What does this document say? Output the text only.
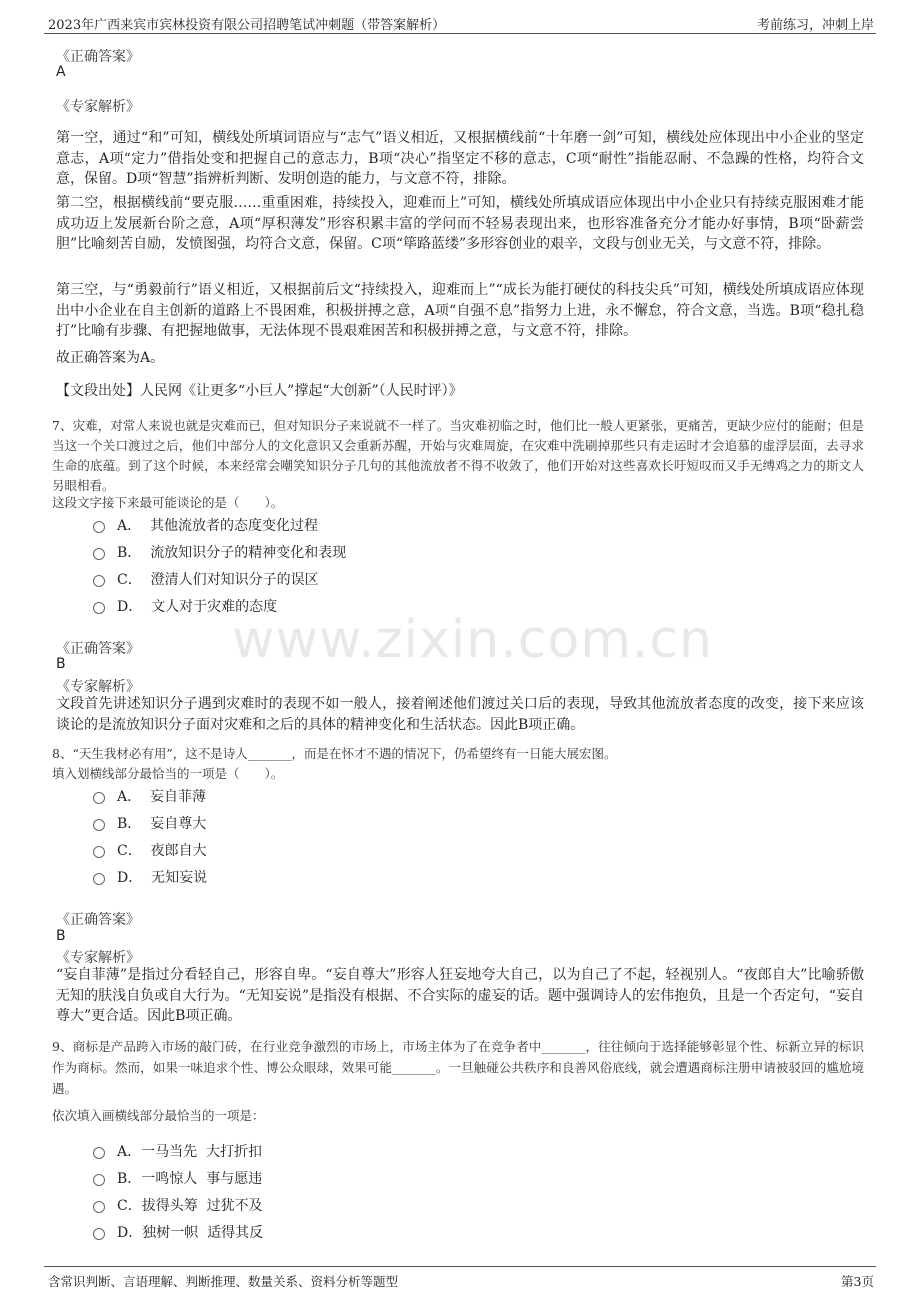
2023年广西来宾市宾林投资有限公司招聘笔试冲刺题（带答案解析）	考前练习，冲刺上岸
www.zixin.com.cn
《正确答案》
A
《专家解析》
第一空，通过“和”可知，横线处所填词语应与“志气”语义相近，又根据横线前“十年磨一剑”可知，横线处应体现出中小企业的坚定意志，A项“定力”借指处变和把握自己的意志力，B项“决心”指坚定不移的意志，C项“耐性”指能忍耐、不急躁的性格，均符合文意，保留。D项“智慧”指辨析判断、发明创造的能力，与文意不符，排除。
第二空，根据横线前“要克服……重重困难，持续投入，迎难而上”可知，横线处所填成语应体现出中小企业只有持续克服困难才能成功迈上发展新台阶之意，A项“厚积薄发”形容积累丰富的学问而不轻易表现出来，也形容准备充分才能办好事情，B项“卧薪尝胆”比喻刻苦自励，发愤图强，均符合文意，保留。C项“筚路蓝缕”多形容创业的艰辛，文段与创业无关，与文意不符，排除。
第三空，与“勇毅前行”语义相近，又根据前后文“持续投入，迎难而上”“成长为能打硬仗的科技尖兵”可知，横线处所填成语应体现出中小企业在自主创新的道路上不畏困难，积极拼搏之意，A项“自强不息”指努力上进，永不懈怠，符合文意，当选。B项“稳扎稳打”比喻有步骤、有把握地做事，无法体现不畏艰难困苦和积极拼搏之意，与文意不符，排除。
故正确答案为A。
【文段出处】人民网《让更多“小巨人”撑起“大创新”（人民时评）》
7、灾难，对常人来说也就是灾难而已，但对知识分子来说就不一样了。当灾难初临之时，他们比一般人更紧张，更痛苦，更缺少应付的能耐；但是当这一个关口渡过之后，他们中部分人的文化意识又会重新苏醒，开始与灾难周旋，在灾难中洗刷掉那些只有走运时才会追慕的虚浮层面，去寻求生命的底蕴。到了这个时候，本来经常会嘲笑知识分子几句的其他流放者不得不收敛了，他们开始对这些喜欢长吁短叹而又手无缚鸡之力的斯文人另眼相看。
这段文字接下来最可能谈论的是（　　）。
A．  其他流放者的态度变化过程
B．  流放知识分子的精神变化和表现
C．  澄清人们对知识分子的误区
D．  文人对于灾难的态度
《正确答案》
B
《专家解析》
文段首先讲述知识分子遇到灾难时的表现不如一般人，接着阐述他们渡过关口后的表现，导致其他流放者态度的改变，接下来应该谈论的是流放知识分子面对灾难和之后的具体的精神变化和生活状态。因此B项正确。
8、“天生我材必有用”，这不是诗人_______，而是在怀才不遇的情况下，仍希望终有一日能大展宏图。
填入划横线部分最恰当的一项是（　　）。
A．  妄自菲薄
B．  妄自尊大
C．  夜郎自大
D．  无知妄说
《正确答案》
B
《专家解析》
“妄自菲薄”是指过分看轻自己，形容自卑。“妄自尊大”形容人狂妄地夸大自己，以为自己了不起，轻视别人。“夜郎自大”比喻骄傲无知的肤浅自负或自大行为。“无知妄说”是指没有根据、不合实际的虚妄的话。题中强调诗人的宏伟抱负，且是一个否定句，“妄自尊大”更合适。因此B项正确。
9、商标是产品跨入市场的敲门砖，在行业竞争激烈的市场上，市场主体为了在竞争者中_______，往往倾向于选择能够彰显个性、标新立异的标识作为商标。然而，如果一味追求个性、博公众眼球，效果可能_______。一旦触碰公共秩序和良善风俗底线，就会遭遇商标注册申请被驳回的尴尬境遇。
依次填入画横线部分最恰当的一项是：
A．一马当先  大打折扣
B．一鸣惊人  事与愿违
C．拔得头筹  过犹不及
D．独树一帜  适得其反
含常识判断、言语理解、判断推理、数量关系、资料分析等题型	第3页
